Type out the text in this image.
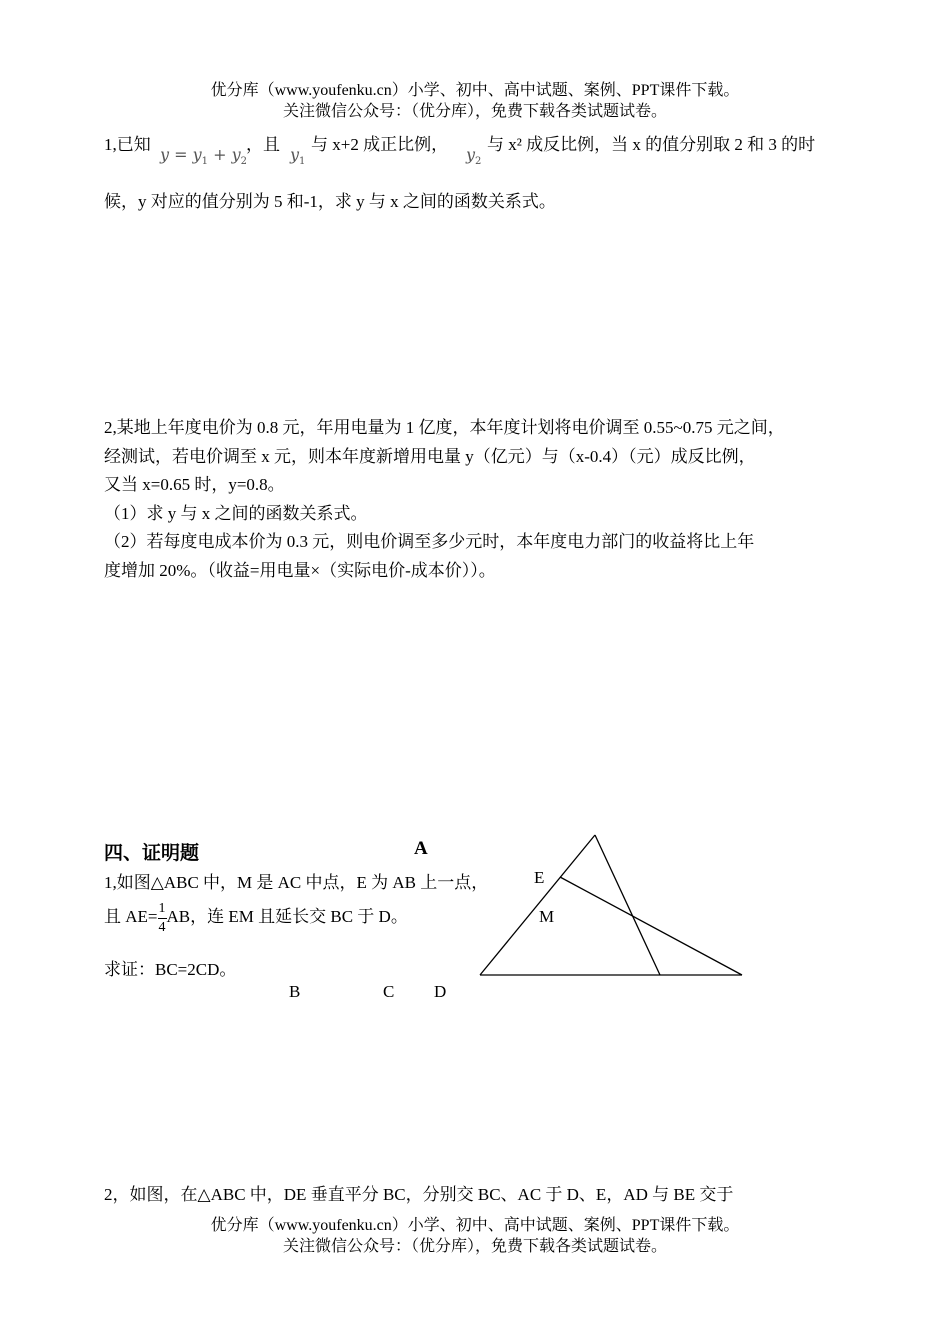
优分库（www.youfenku.cn）小学、初中、高中试题、案例、PPT课件下载。
关注微信公众号：（优分库），免费下载各类试题试卷。
1,已知
$y = y_1 + y_2$
，且
$y_1$
与 x+2 成正比例，
$y_2$
与 x² 成反比例，当 x 的值分别取 2 和 3 的时
候，y 对应的值分别为 5 和-1，求 y 与 x 之间的函数关系式。
2,某地上年度电价为 0.8 元，年用电量为 1 亿度，本年度计划将电价调至 0.55~0.75 元之间，
经测试，若电价调至 x 元，则本年度新增用电量 y（亿元）与（x-0.4）（元）成反比例，
又当 x=0.65 时，y=0.8。
（1）求 y 与 x 之间的函数关系式。
（2）若每度电成本价为 0.3 元，则电价调至多少元时，本年度电力部门的收益将比上年
度增加 20%。（收益=用电量×（实际电价-成本价））。
四、证明题
1,如图△ABC 中，M 是 AC 中点，E 为 AB 上一点，
且 $AE= \frac{1}{4}$ AB，连 EM 且延长交 BC 于 D。
求证：BC=2CD。
A
E
M
B	C D
2，如图，在△ABC 中，DE 垂直平分 BC，分别交 BC、AC 于 D、E，AD 与 BE 交于
优分库（www.youfenku.cn）小学、初中、高中试题、案例、PPT课件下载。
关注微信公众号：（优分库），免费下载各类试题试卷。
